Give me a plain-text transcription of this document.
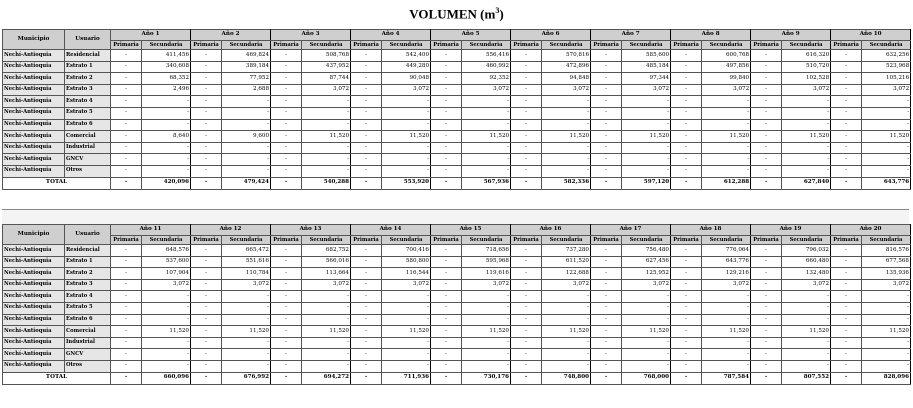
VOLUMEN $(m^3)$
Municipio	Usuario	Año 1		Año 2		Año 3		Año 4		Año 5		Año 6		Año 7		Año 8		Año 9		Año 10	
		Primaria	Secundaria	Primaria	Secundaria	Primaria	Secundaria	Primaria	Secundaria	Primaria	Secundaria	Primaria	Secundaria	Primaria	Secundaria	Primaria	Secundaria	Primaria	Secundaria	Primaria	Secundaria
Nechí-Antioquia	Residencial	-	411,456	-	469,824	-	508,768	-	542,400	-	556,416	-	570,816	-	585,600	-	600,768	-	616,320	-	632,256
Nechí-Antioquia	Estrato 1	-	340,608	-	389,184	-	437,952	-	449,280	-	460,992	-	472,896	-	485,184	-	497,856	-	510,720	-	523,968
Nechí-Antioquia	Estrato 2	-	68,352	-	77,952	-	87,744	-	90,048	-	92,352	-	94,848	-	97,344	-	99,840	-	102,528	-	105,216
Nechí-Antioquia	Estrato 3	-	2,496	-	2,688	-	3,072	-	3,072	-	3,072	-	3,072	-	3,072	-	3,072	-	3,072	-	3,072
Nechí-Antioquia	Estrato 4	-	-	-	-	-	-	-	-	-	-	-	-	-	-	-	-	-	-	-	-
Nechí-Antioquia	Estrato 5	-	-	-	-	-	-	-	-	-	-	-	-	-	-	-	-	-	-	-	-
Nechí-Antioquia	Estrato 6	-	-	-	-	-	-	-	-	-	-	-	-	-	-	-	-	-	-	-	-
Nechí-Antioquia	Comercial	-	8,640	-	9,600	-	11,520	-	11,520	-	11,520	-	11,520	-	11,520	-	11,520	-	11,520	-	11,520
Nechí-Antioquia	Industrial	-	-	-	-	-	-	-	-	-	-	-	-	-	-	-	-	-	-	-	-
Nechí-Antioquia	GNCV	-	-	-	-	-	-	-	-	-	-	-	-	-	-	-	-	-	-	-	-
Nechí-Antioquia	Otros	-	-	-	-	-	-	-	-	-	-	-	-	-	-	-	-	-	-	-	-
TOTAL		-	420,096	-	479,424	-	540,288	-	553,920	-	567,936	-	582,336	-	597,120	-	612,288	-	627,840	-	643,776
Municipio	Usuario	Año 11		Año 12		Año 13		Año 14		Año 15		Año 16		Año 17		Año 18		Año 19		Año 20	
		Primaria	Secundaria	Primaria	Secundaria	Primaria	Secundaria	Primaria	Secundaria	Primaria	Secundaria	Primaria	Secundaria	Primaria	Secundaria	Primaria	Secundaria	Primaria	Secundaria	Primaria	Secundaria
Nechí-Antioquia	Residencial	-	648,576	-	665,472	-	682,752	-	700,416	-	718,656	-	737,280	-	756,480	-	776,064	-	796,032	-	816,576
Nechí-Antioquia	Estrato 1	-	537,600	-	551,616	-	566,016	-	580,800	-	595,968	-	611,520	-	627,456	-	643,776	-	660,480	-	677,568
Nechí-Antioquia	Estrato 2	-	107,904	-	110,784	-	113,664	-	116,544	-	119,616	-	122,688	-	125,952	-	129,216	-	132,480	-	135,936
Nechí-Antioquia	Estrato 3	-	3,072	-	3,072	-	3,072	-	3,072	-	3,072	-	3,072	-	3,072	-	3,072	-	3,072	-	3,072
Nechí-Antioquia	Estrato 4	-	-	-	-	-	-	-	-	-	-	-	-	-	-	-	-	-	-	-	-
Nechí-Antioquia	Estrato 5	-	-	-	-	-	-	-	-	-	-	-	-	-	-	-	-	-	-	-	-
Nechí-Antioquia	Estrato 6	-	-	-	-	-	-	-	-	-	-	-	-	-	-	-	-	-	-	-	-
Nechí-Antioquia	Comercial	-	11,520	-	11,520	-	11,520	-	11,520	-	11,520	-	11,520	-	11,520	-	11,520	-	11,520	-	11,520
Nechí-Antioquia	Industrial	-	-	-	-	-	-	-	-	-	-	-	-	-	-	-	-	-	-	-	-
Nechí-Antioquia	GNCV	-	-	-	-	-	-	-	-	-	-	-	-	-	-	-	-	-	-	-	-
Nechí-Antioquia	Otros	-	-	-	-	-	-	-	-	-	-	-	-	-	-	-	-	-	-	-	-
TOTAL		-	660,096	-	676,992	-	694,272	-	711,936	-	730,176	-	748,800	-	768,000	-	787,584	-	807,552	-	828,096
